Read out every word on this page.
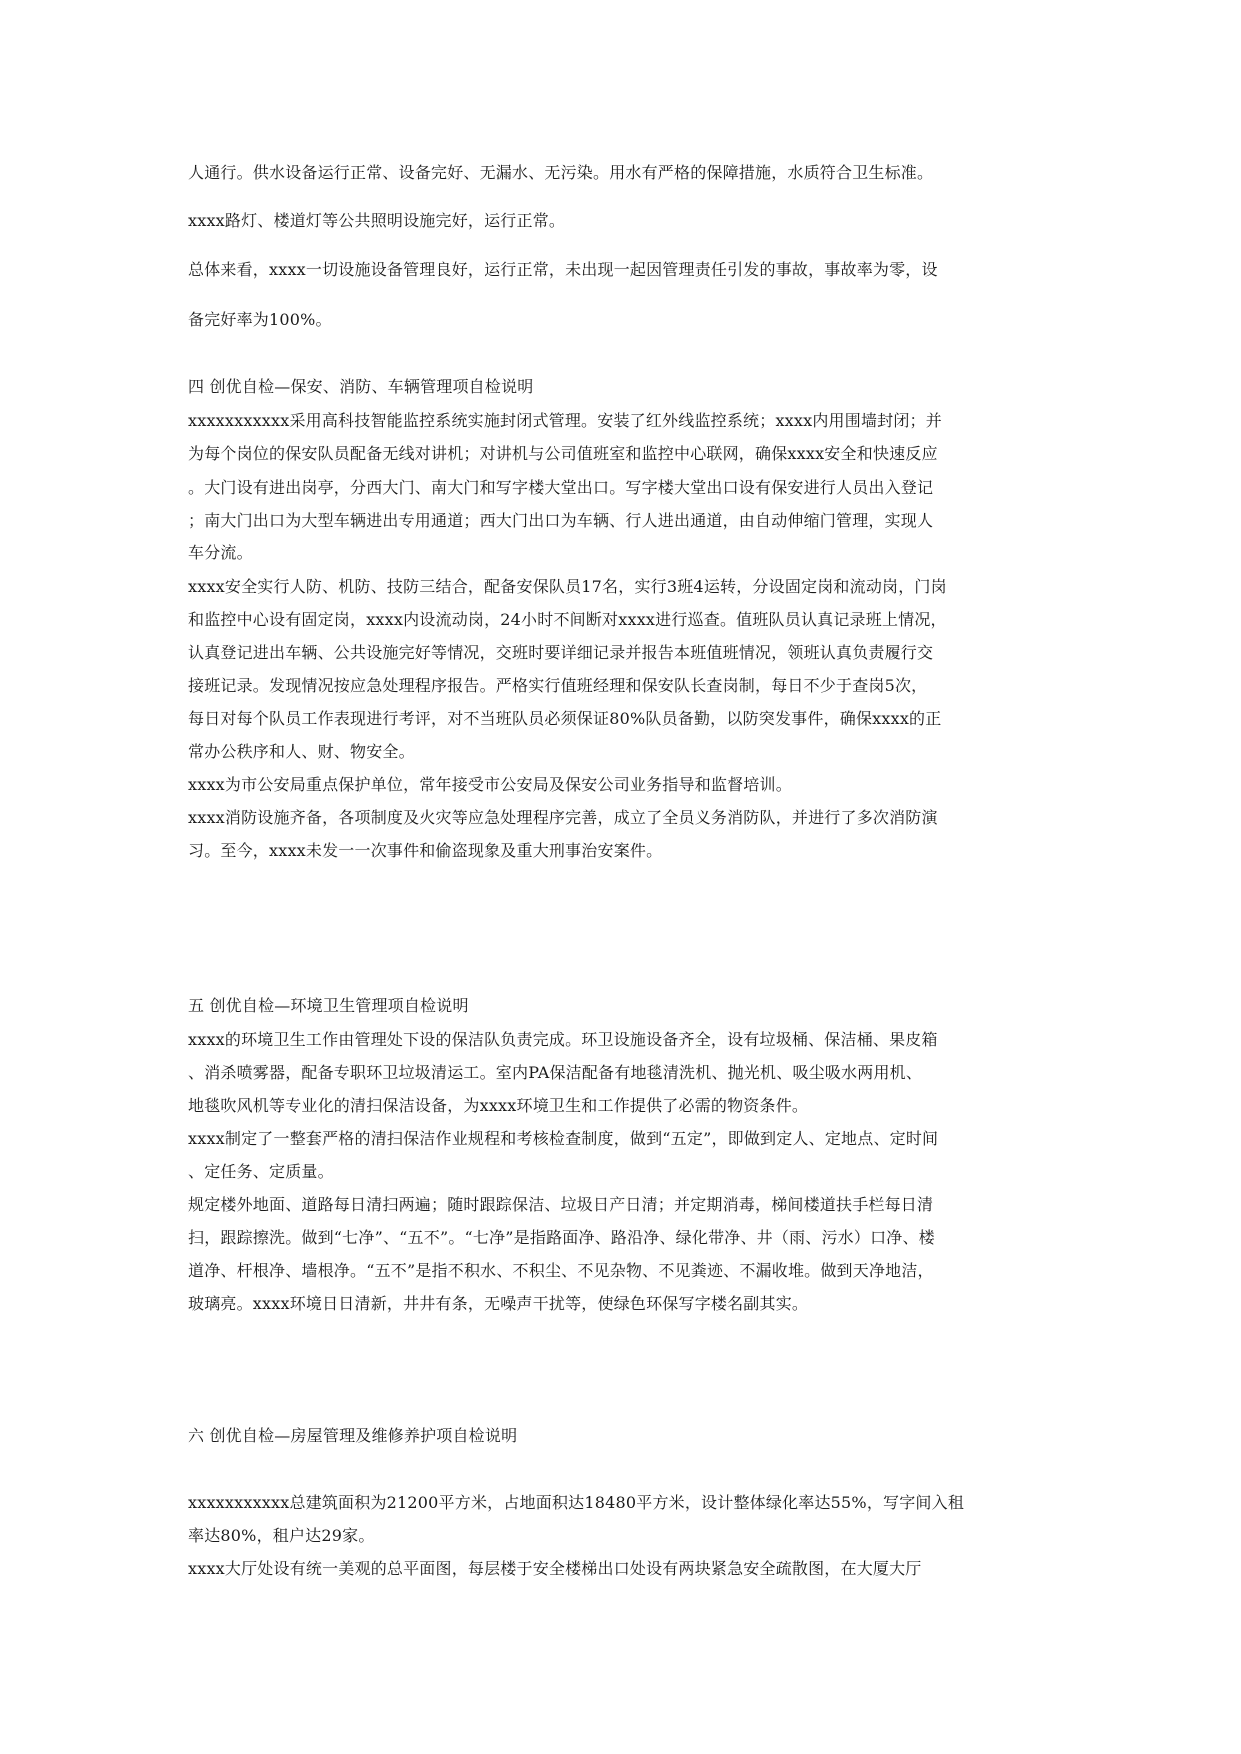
人通行。供水设备运行正常、设备完好、无漏水、无污染。用水有严格的保障措施，水质符合卫生标准。
xxxx路灯、楼道灯等公共照明设施完好，运行正常。
总体来看，xxxx一切设施设备管理良好，运行正常，未出现一起因管理责任引发的事故，事故率为零，设
备完好率为100%。
四 创优自检—保安、消防、车辆管理项自检说明
xxxxxxxxxxx采用高科技智能监控系统实施封闭式管理。安装了红外线监控系统；xxxx内用围墙封闭；并
为每个岗位的保安队员配备无线对讲机；对讲机与公司值班室和监控中心联网，确保xxxx安全和快速反应
。大门设有进出岗亭，分西大门、南大门和写字楼大堂出口。写字楼大堂出口设有保安进行人员出入登记
；南大门出口为大型车辆进出专用通道；西大门出口为车辆、行人进出通道，由自动伸缩门管理，实现人
车分流。
xxxx安全实行人防、机防、技防三结合，配备安保队员17名，实行3班4运转，分设固定岗和流动岗，门岗
和监控中心设有固定岗，xxxx内设流动岗，24小时不间断对xxxx进行巡查。值班队员认真记录班上情况，
认真登记进出车辆、公共设施完好等情况，交班时要详细记录并报告本班值班情况，领班认真负责履行交
接班记录。发现情况按应急处理程序报告。严格实行值班经理和保安队长查岗制，每日不少于查岗5次，
每日对每个队员工作表现进行考评，对不当班队员必须保证80%队员备勤，以防突发事件，确保xxxx的正
常办公秩序和人、财、物安全。
xxxx为市公安局重点保护单位，常年接受市公安局及保安公司业务指导和监督培训。
xxxx消防设施齐备，各项制度及火灾等应急处理程序完善，成立了全员义务消防队，并进行了多次消防演
习。至今，xxxx未发一一次事件和偷盗现象及重大刑事治安案件。
五 创优自检—环境卫生管理项自检说明
xxxx的环境卫生工作由管理处下设的保洁队负责完成。环卫设施设备齐全，设有垃圾桶、保洁桶、果皮箱
、消杀喷雾器，配备专职环卫垃圾清运工。室内PA保洁配备有地毯清洗机、抛光机、吸尘吸水两用机、
地毯吹风机等专业化的清扫保洁设备，为xxxx环境卫生和工作提供了必需的物资条件。
xxxx制定了一整套严格的清扫保洁作业规程和考核检查制度，做到“五定”，即做到定人、定地点、定时间
、定任务、定质量。
规定楼外地面、道路每日清扫两遍；随时跟踪保洁、垃圾日产日清；并定期消毒，梯间楼道扶手栏每日清
扫，跟踪擦洗。做到“七净”、“五不”。“七净”是指路面净、路沿净、绿化带净、井（雨、污水）口净、楼
道净、杆根净、墙根净。“五不”是指不积水、不积尘、不见杂物、不见粪迹、不漏收堆。做到天净地洁，
玻璃亮。xxxx环境日日清新，井井有条，无噪声干扰等，使绿色环保写字楼名副其实。
六 创优自检—房屋管理及维修养护项自检说明
xxxxxxxxxxx总建筑面积为21200平方米，占地面积达18480平方米，设计整体绿化率达55%，写字间入租
率达80%，租户达29家。
xxxx大厅处设有统一美观的总平面图，每层楼于安全楼梯出口处设有两块紧急安全疏散图，在大厦大厅
